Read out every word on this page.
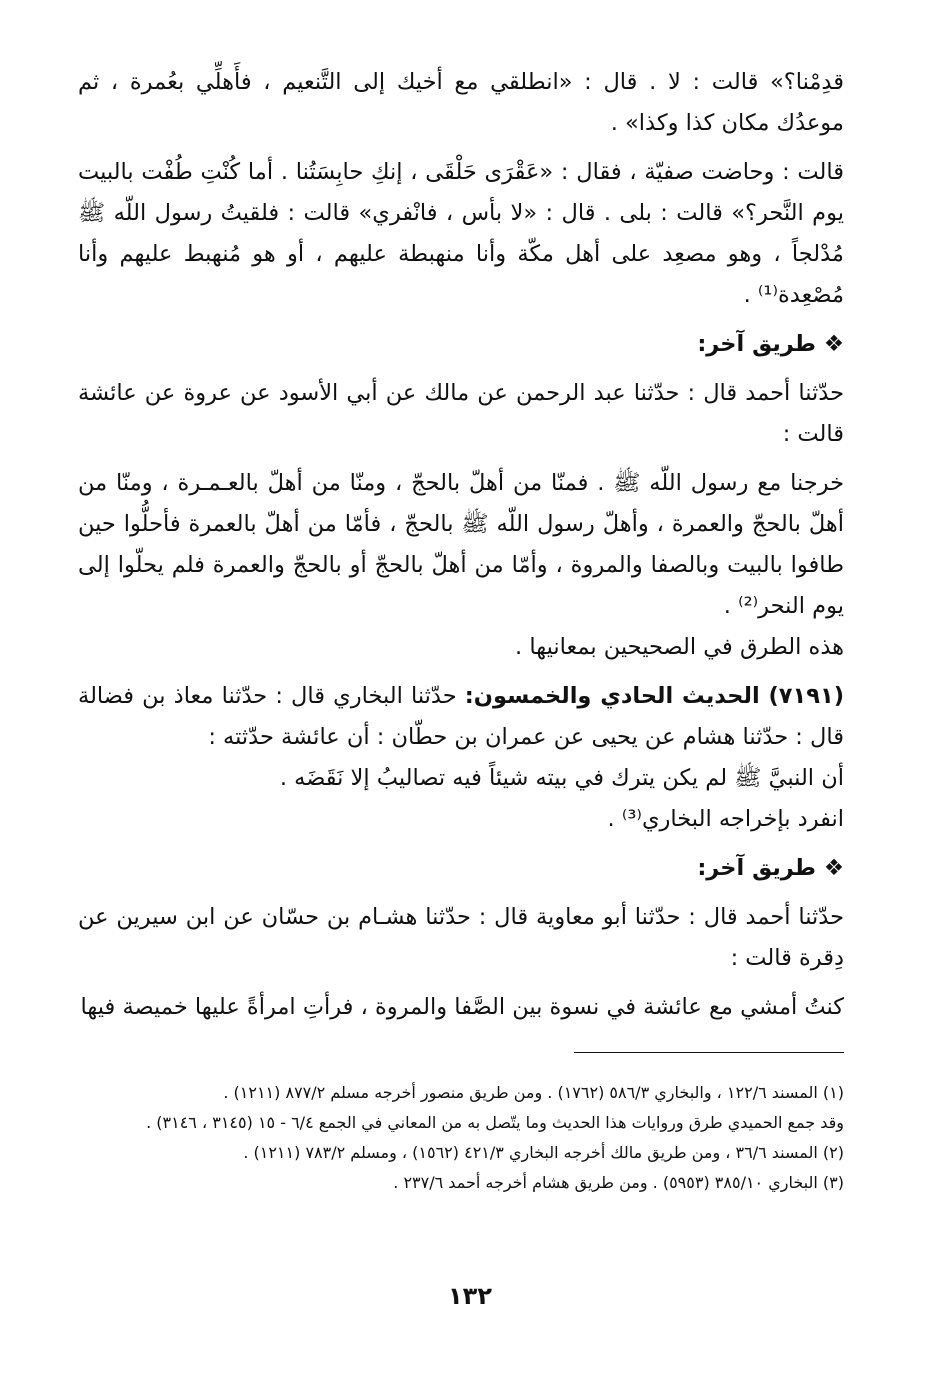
قدِمْنا؟» قالت : لا . قال : «انطلقي مع أخيك إلى التَّنعيم ، فأَهلِّي بعُمرة ، ثم موعدُك مكان كذا وكذا» .

قالت : وحاضت صفيّة ، فقال : «عَقْرَى حَلْقَى ، إنكِ حابِسَتُنا . أما كُنْتِ طُفْت بالبيت يوم النَّحر؟» قالت : بلى . قال : «لا بأس ، فانْفري» قالت : فلقيتُ رسول اللّه ﷺ مُدْلجاً ، وهو مصعِد على أهل مكّة وأنا منهبطة عليهم ، أو هو مُنهبط عليهم وأنا مُصْعِدة⁽¹⁾ .

❖ طريق آخر:

حدّثنا أحمد قال : حدّثنا عبد الرحمن عن مالك عن أبي الأسود عن عروة عن عائشة قالت :

خرجنا مع رسول اللّه ﷺ . فمنّا من أهلّ بالحجّ ، ومنّا من أهلّ بالعـمـرة ، ومنّا من أهلّ بالحجّ والعمرة ، وأهلّ رسول اللّه ﷺ بالحجّ ، فأمّا من أهلّ بالعمرة فأحلُّوا حين طافوا بالبيت وبالصفا والمروة ، وأمّا من أهلّ بالحجّ أو بالحجّ والعمرة فلم يحلّوا إلى يوم النحر⁽²⁾ .

هذه الطرق في الصحيحين بمعانيها .

(٧١٩١) الحديث الحادي والخمسون: حدّثنا البخاري قال : حدّثنا معاذ بن فضالة قال : حدّثنا هشام عن يحيى عن عمران بن حطّان : أن عائشة حدّثته :

أن النبيَّ ﷺ لم يكن يترك في بيته شيئاً فيه تصاليبُ إلا نَقَضَه .

انفرد بإخراجه البخاري⁽³⁾ .

❖ طريق آخر:

حدّثنا أحمد قال : حدّثنا أبو معاوية قال : حدّثنا هشـام بن حسّان عن ابن سيرين عن دِقرة قالت :

كنتُ أمشي مع عائشة في نسوة بين الصَّفا والمروة ، فرأتِ امرأةً عليها خميصة فيها

(١) المسند ١٢٢/٦ ، والبخاري ٥٨٦/٣ (١٧٦٢) . ومن طريق منصور أخرجه مسلم ٨٧٧/٢ (١٢١١) .

وقد جمع الحميدي طرق وروايات هذا الحديث وما يتّصل به من المعاني في الجمع ٦/٤ - ١٥ (٣١٤٥ ، ٣١٤٦) .

(٢) المسند ٣٦/٦ ، ومن طريق مالك أخرجه البخاري ٤٢١/٣ (١٥٦٢) ، ومسلم ٧٨٣/٢ (١٢١١) .

(٣) البخاري ٣٨٥/١٠ (٥٩٥٣) . ومن طريق هشام أخرجه أحمد ٢٣٧/٦ .

١٣٢
